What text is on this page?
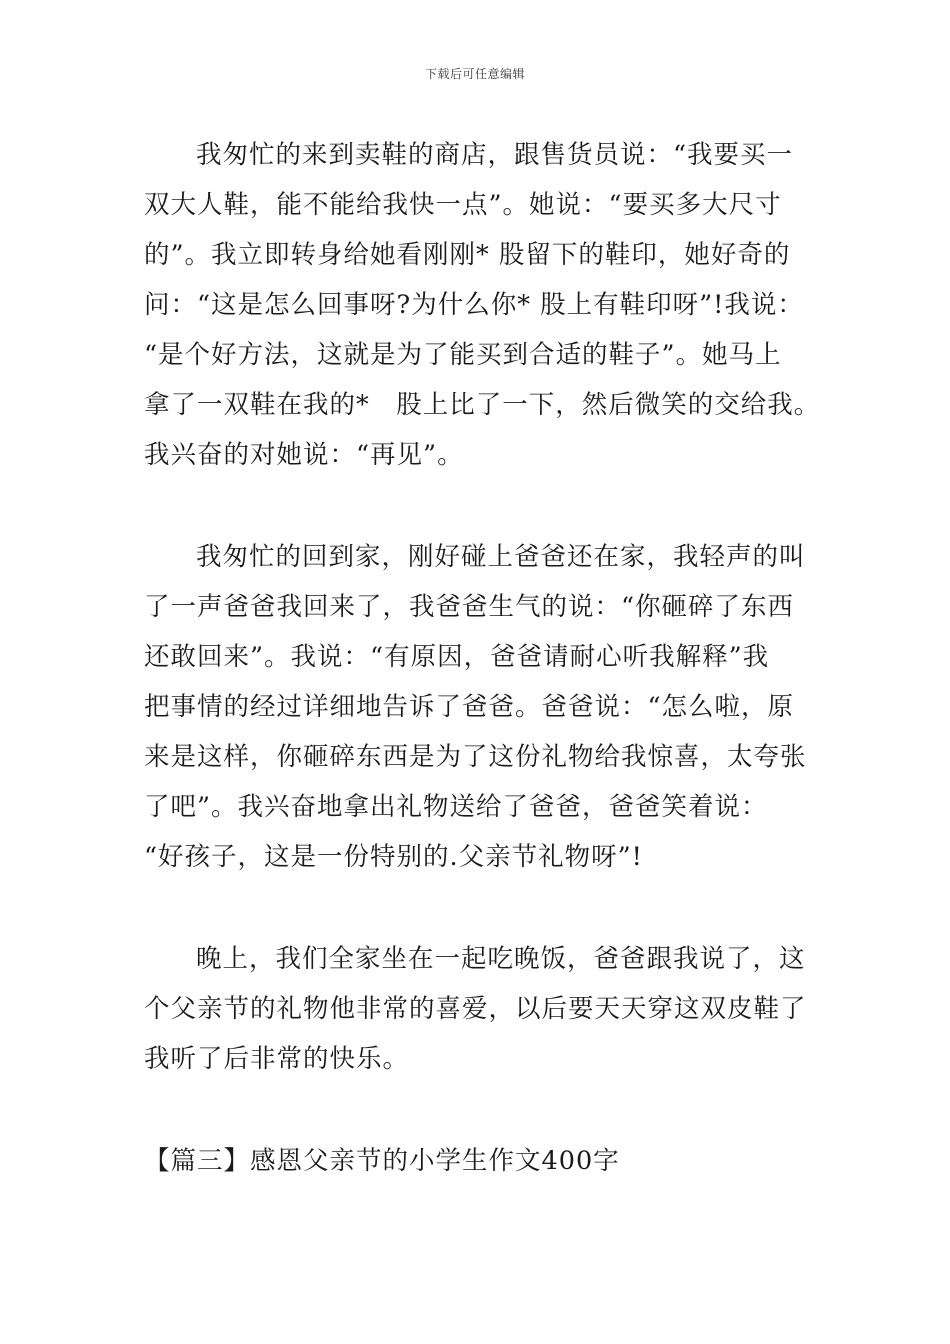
下载后可任意编辑

我匆忙的来到卖鞋的商店，跟售货员说：“我要买一
双大人鞋，能不能给我快一点”。她说：“要买多大尺寸
的”。我立即转身给她看刚刚* 股留下的鞋印，她好奇的
问：“这是怎么回事呀?为什么你* 股上有鞋印呀”!我说：
“是个好方法，这就是为了能买到合适的鞋子”。她马上
拿了一双鞋在我的*　股上比了一下，然后微笑的交给我。
我兴奋的对她说：“再见”。

我匆忙的回到家，刚好碰上爸爸还在家，我轻声的叫
了一声爸爸我回来了，我爸爸生气的说：“你砸碎了东西
还敢回来”。我说：“有原因，爸爸请耐心听我解释”我
把事情的经过详细地告诉了爸爸。爸爸说：“怎么啦，原
来是这样，你砸碎东西是为了这份礼物给我惊喜，太夸张
了吧”。我兴奋地拿出礼物送给了爸爸，爸爸笑着说：
“好孩子，这是一份特别的.父亲节礼物呀”!

晚上，我们全家坐在一起吃晚饭，爸爸跟我说了，这
个父亲节的礼物他非常的喜爱，以后要天天穿这双皮鞋了
我听了后非常的快乐。

【篇三】感恩父亲节的小学生作文400字
